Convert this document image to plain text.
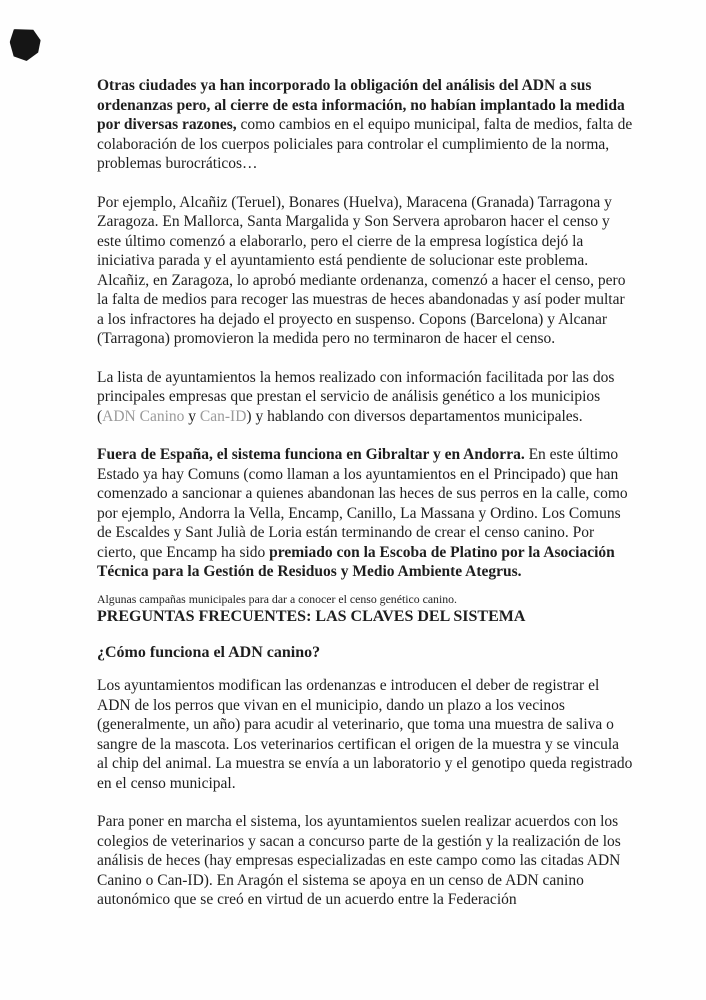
Otras ciudades ya han incorporado la obligación del análisis del ADN a sus ordenanzas pero, al cierre de esta información, no habían implantado la medida por diversas razones, como cambios en el equipo municipal, falta de medios, falta de colaboración de los cuerpos policiales para controlar el cumplimiento de la norma, problemas burocráticos…

Por ejemplo, Alcañiz (Teruel), Bonares (Huelva), Maracena (Granada) Tarragona y Zaragoza. En Mallorca, Santa Margalida y Son Servera aprobaron hacer el censo y este último comenzó a elaborarlo, pero el cierre de la empresa logística dejó la iniciativa parada y el ayuntamiento está pendiente de solucionar este problema. Alcañiz, en Zaragoza, lo aprobó mediante ordenanza, comenzó a hacer el censo, pero la falta de medios para recoger las muestras de heces abandonadas y así poder multar a los infractores ha dejado el proyecto en suspenso. Copons (Barcelona) y Alcanar (Tarragona) promovieron la medida pero no terminaron de hacer el censo.

La lista de ayuntamientos la hemos realizado con información facilitada por las dos principales empresas que prestan el servicio de análisis genético a los municipios (ADN Canino y Can-ID) y hablando con diversos departamentos municipales.

Fuera de España, el sistema funciona en Gibraltar y en Andorra. En este último Estado ya hay Comuns (como llaman a los ayuntamientos en el Principado) que han comenzado a sancionar a quienes abandonan las heces de sus perros en la calle, como por ejemplo, Andorra la Vella, Encamp, Canillo, La Massana y Ordino. Los Comuns de Escaldes y Sant Julià de Loria están terminando de crear el censo canino. Por cierto, que Encamp ha sido premiado con la Escoba de Platino por la Asociación Técnica para la Gestión de Residuos y Medio Ambiente Ategrus.

Algunas campañas municipales para dar a conocer el censo genético canino.

PREGUNTAS FRECUENTES: LAS CLAVES DEL SISTEMA

¿Cómo funciona el ADN canino?

Los ayuntamientos modifican las ordenanzas e introducen el deber de registrar el ADN de los perros que vivan en el municipio, dando un plazo a los vecinos (generalmente, un año) para acudir al veterinario, que toma una muestra de saliva o sangre de la mascota. Los veterinarios certifican el origen de la muestra y se vincula al chip del animal. La muestra se envía a un laboratorio y el genotipo queda registrado en el censo municipal.

Para poner en marcha el sistema, los ayuntamientos suelen realizar acuerdos con los colegios de veterinarios y sacan a concurso parte de la gestión y la realización de los análisis de heces (hay empresas especializadas en este campo como las citadas ADN Canino o Can-ID). En Aragón el sistema se apoya en un censo de ADN canino autonómico que se creó en virtud de un acuerdo entre la Federación
